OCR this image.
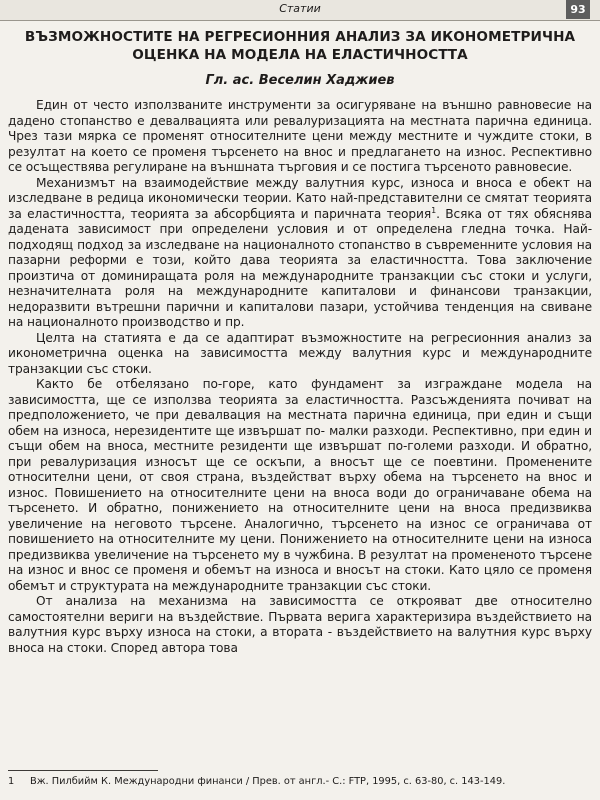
Статии	93
ВЪЗМОЖНОСТИТЕ НА РЕГРЕСИОННИЯ АНАЛИЗ ЗА ИКОНОМЕТРИЧНА ОЦЕНКА НА МОДЕЛА НА ЕЛАСТИЧНОСТТА
Гл. ас. Веселин Хаджиев

Един от често използваните инструменти за осигуряване на външно равновесие на дадено стопанство е девалвацията или ревалуризацията на местната парична единица. Чрез тази мярка се променят относителните цени между местните и чуждите стоки, в резултат на което се променя търсенето на внос и предлагането на износ. Респективно се осъществява регулиране на външната търговия и се постига търсеното равновесие.

Механизмът на взаимодействие между валутния курс, износа и вноса е обект на изследване в редица икономически теории. Като най-представителни се смятат теорията за еластичността, теорията за абсорбцията и паричната теория$^1$. Всяка от тях обяснява дадената зависимост при определени условия и от определена гледна точка. Най-подходящ подход за изследване на националното стопанство в съвременните условия на пазарни реформи е този, който дава теорията за еластичността. Това заключение произтича от доминиращата роля на международните транзакции със стоки и услуги, незначителната роля на международните капиталови и финансови транзакции, недоразвити вътрешни парични и капиталови пазари, устойчива тенденция на свиване на националното производство и пр.

Целта на статията е да се адаптират възможностите на регресионния анализ за иконометрична оценка на зависимостта между валутния курс и международните транзакции със стоки.

Както бе отбелязано по-горе, като фундамент за изграждане модела на зависимостта, ще се използва теорията за еластичността. Разсъжденията почиват на предположението, че при девалвация на местната парична единица, при един и същи обем на износа, нерезидентите ще извършат по- малки разходи. Респективно, при един и същи обем на вноса, местните резиденти ще извършат по-големи разходи. И обратно, при ревалуризация износът ще се оскъпи, а вносът ще се поевтини. Променените относителни цени, от своя страна, въздействат върху обема на търсенето на внос и износ. Повишението на относителните цени на вноса води до ограничаване обема на търсенето. И обратно, понижението на относителните цени на вноса предизвиква увеличение на неговото търсене. Аналогично, търсенето на износ се ограничава от повишението на относителните му цени. Понижението на относителните цени на износа предизвиква увеличение на търсенето му в чужбина. В резултат на промененото търсене на износ и внос се променя и обемът на износа и вносът на стоки. Като цяло се променя обемът и структурата на международните транзакции със стоки.

От анализа на механизма на зависимостта се открояват две относително самостоятелни вериги на въздействие. Първата верига характеризира въздействието на валутния курс върху износа на стоки, а втората - въздействието на валутния курс върху вноса на стоки. Според автора това

1 Вж. Пилбийм К. Международни финанси / Прев. от англ.- С.: FTP, 1995, с. 63-80, с. 143-149.
